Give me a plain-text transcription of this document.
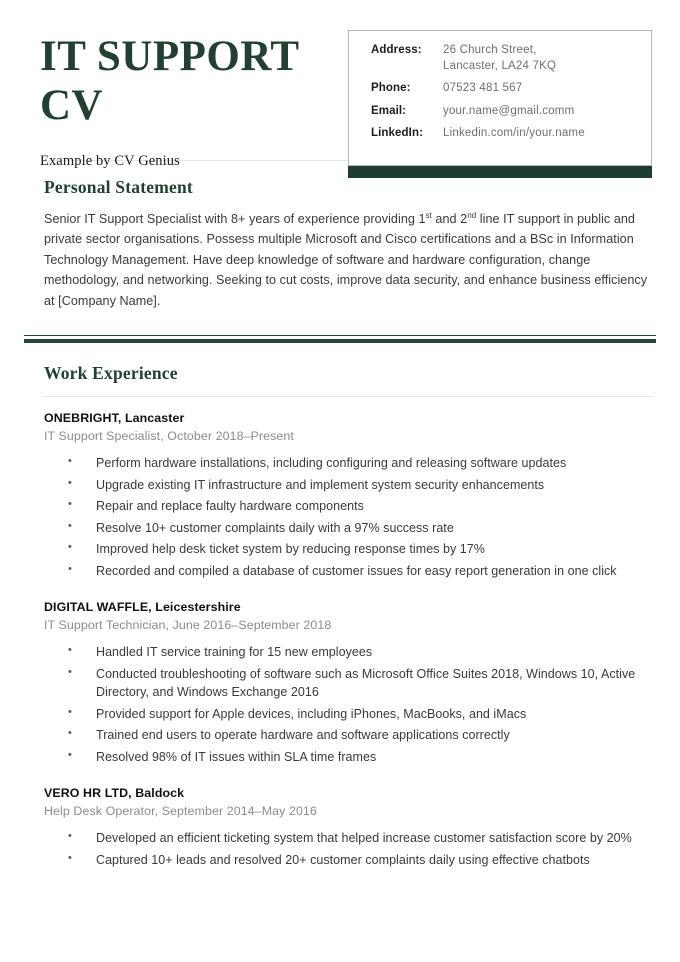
IT SUPPORT CV
Example by CV Genius
Address:	26 Church Street,
Lancaster, LA24 7KQ
Phone:	07523 481 567
Email:	your.name@gmail.comm
LinkedIn:	Linkedin.com/in/your.name
Personal Statement
Senior IT Support Specialist with 8+ years of experience providing 1st and 2nd line IT support in public and private sector organisations. Possess multiple Microsoft and Cisco certifications and a BSc in Information Technology Management. Have deep knowledge of software and hardware configuration, change methodology, and networking. Seeking to cut costs, improve data security, and enhance business efficiency at [Company Name].
Work Experience
ONEBRIGHT, Lancaster
IT Support Specialist, October 2018–Present
• Perform hardware installations, including configuring and releasing software updates
• Upgrade existing IT infrastructure and implement system security enhancements
• Repair and replace faulty hardware components
• Resolve 10+ customer complaints daily with a 97% success rate
• Improved help desk ticket system by reducing response times by 17%
• Recorded and compiled a database of customer issues for easy report generation in one click
DIGITAL WAFFLE, Leicestershire
IT Support Technician, June 2016–September 2018
• Handled IT service training for 15 new employees
• Conducted troubleshooting of software such as Microsoft Office Suites 2018, Windows 10, Active Directory, and Windows Exchange 2016
• Provided support for Apple devices, including iPhones, MacBooks, and iMacs
• Trained end users to operate hardware and software applications correctly
• Resolved 98% of IT issues within SLA time frames
VERO HR LTD, Baldock
Help Desk Operator, September 2014–May 2016
• Developed an efficient ticketing system that helped increase customer satisfaction score by 20%
• Captured 10+ leads and resolved 20+ customer complaints daily using effective chatbots
